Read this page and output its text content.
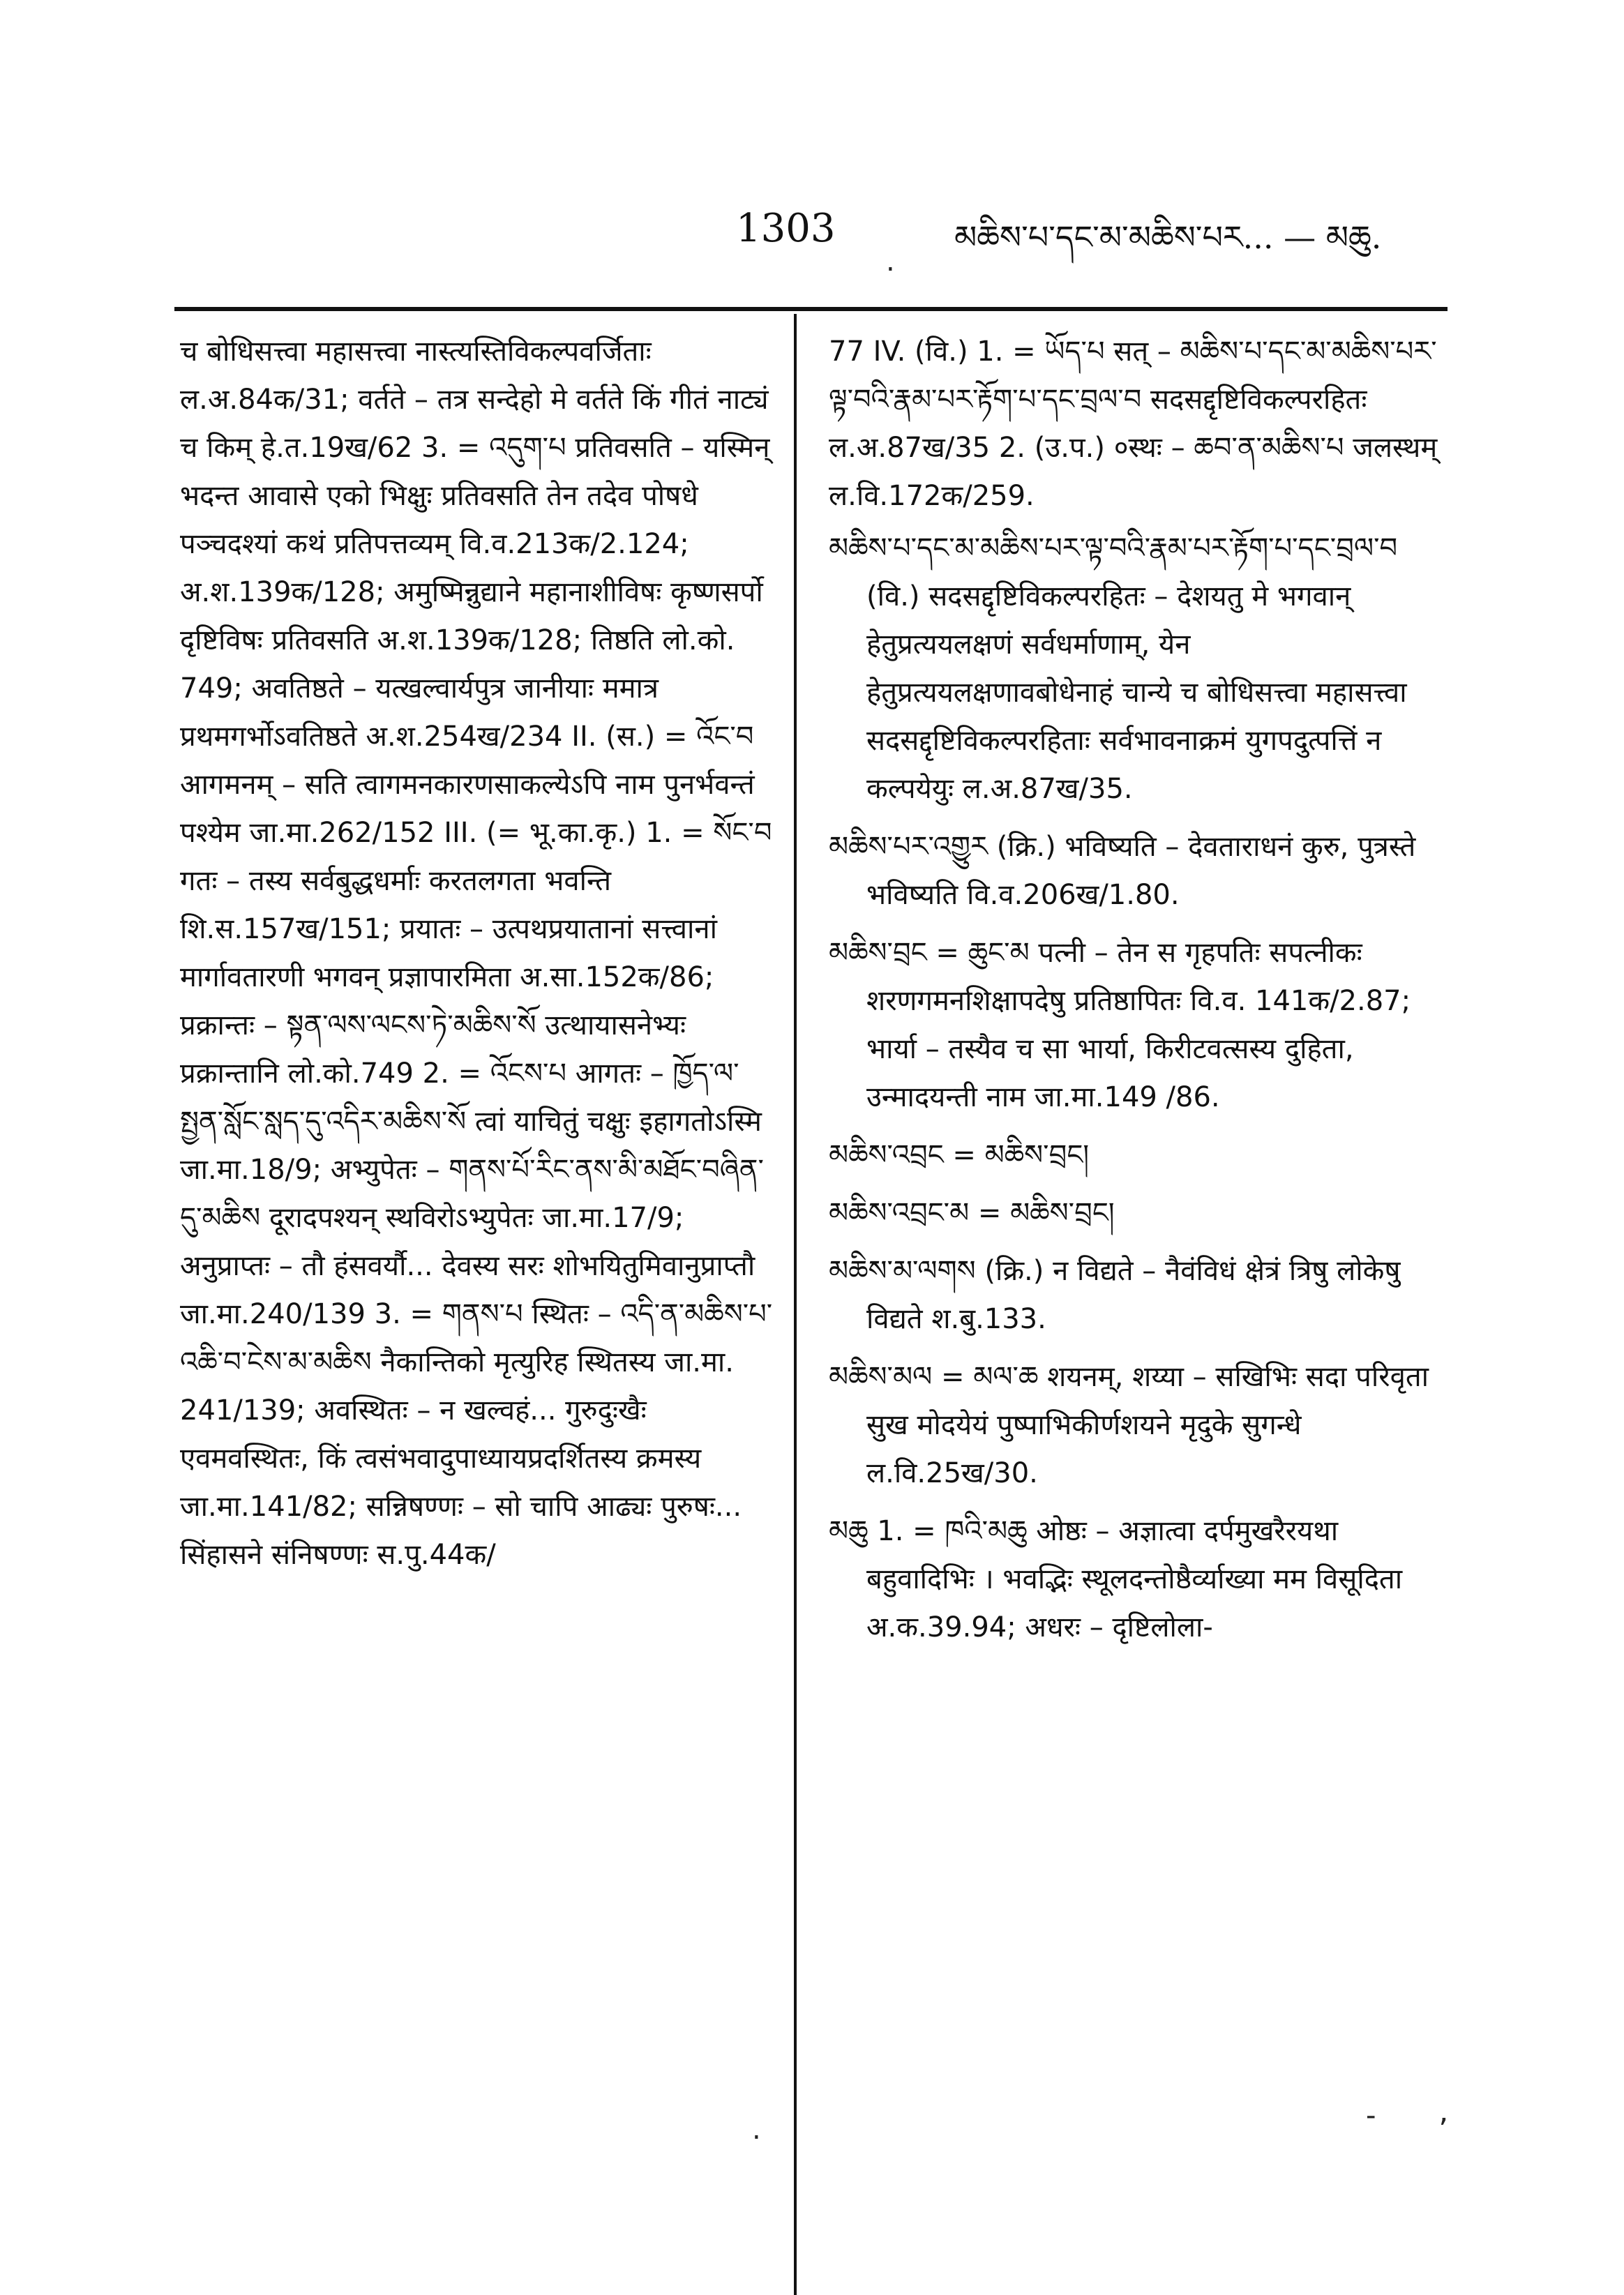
1303	མཆིས་པ་དང་མ་མཆིས་པར... — མཆུ.

च बोधिसत्त्वा महासत्त्वा नास्त्यस्तिविकल्पवर्जिताः ल.अ.84क/31; वर्तते – तत्र सन्देहो मे वर्तते किं गीतं नाट्यं च किम् हे.त.19ख/62 3. = འདུག་པ प्रतिवसति – यस्मिन् भदन्त आवासे एको भिक्षुः प्रतिवसति तेन तदेव पोषधे पञ्चदश्यां कथं प्रतिपत्तव्यम् वि.व.213क/2.124; अ.श.139क/128; अमुष्मिन्नुद्याने महानाशीविषः कृष्णसर्पो दृष्टिविषः प्रतिवसति अ.श.139क/128; तिष्ठति लो.को. 749; अवतिष्ठते – यत्खल्वार्यपुत्र जानीयाः ममात्र प्रथमगर्भोऽवतिष्ठते अ.श.254ख/234 II. (स.) = འོང་བ आगमनम् – सति त्वागमनकारणसाकल्येऽपि नाम पुनर्भवन्तं पश्येम जा.मा.262/152 III. (= भू.का.कृ.) 1. = སོང་བ गतः – तस्य सर्वबुद्धधर्माः करतलगता भवन्ति शि.स.157ख/151; प्रयातः – उत्पथप्रयातानां सत्त्वानां मार्गावतारणी भगवन् प्रज्ञापारमिता अ.सा.152क/86; प्रक्रान्तः – སྟན་ལས་ལངས་ཏེ་མཆིས་སོ उत्थायासनेभ्यः प्रक्रान्तानि लो.को.749 2. = འོངས་པ आगतः – ཁྱོད་ལ་སྤྱན་སློང་སླད་དུ་འདིར་མཆིས་སོ त्वां याचितुं चक्षुः इहागतोऽस्मि जा.मा.18/9; अभ्युपेतः – གནས་པོ་རིང་ནས་མི་མཐོང་བཞིན་དུ་མཆིས दूरादपश्यन् स्थविरोऽभ्युपेतः जा.मा.17/9; अनुप्राप्तः – तौ हंसवर्यौ... देवस्य सरः शोभयितुमिवानुप्राप्तौ जा.मा.240/139 3. = གནས་པ स्थितः – འདི་ན་མཆིས་པ་འཆི་བ་ངེས་མ་མཆིས नैकान्तिको मृत्युरिह स्थितस्य जा.मा. 241/139; अवस्थितः – न खल्वहं... गुरुदुःखैः एवमवस्थितः, किं त्वसंभवादुपाध्यायप्रदर्शितस्य क्रमस्य जा.मा.141/82; सन्निषण्णः – सो चापि आढ्यः पुरुषः... सिंहासने संनिषण्णः स.पु.44क/

77 IV. (वि.) 1. = ཡོད་པ सत् – མཆིས་པ་དང་མ་མཆིས་པར་ལྟ་བའི་རྣམ་པར་རྟོག་པ་དང་བྲལ་བ सदसद्दृष्टिविकल्परहितः ल.अ.87ख/35 2. (उ.प.) ०स्थः – ཆབ་ན་མཆིས་པ जलस्थम् ल.वि.172क/259.

མཆིས་པ་དང་མ་མཆིས་པར་ལྟ་བའི་རྣམ་པར་རྟོག་པ་དང་བྲལ་བ (वि.) सदसद्दृष्टिविकल्परहितः – देशयतु मे भगवान् हेतुप्रत्ययलक्षणं सर्वधर्माणाम्, येन हेतुप्रत्ययलक्षणावबोधेनाहं चान्ये च बोधिसत्त्वा महासत्त्वा सदसद्दृष्टिविकल्परहिताः सर्वभावनाक्रमं युगपदुत्पत्तिं न कल्पयेयुः ल.अ.87ख/35.

མཆིས་པར་འགྱུར (क्रि.) भविष्यति – देवताराधनं कुरु, पुत्रस्ते भविष्यति वि.व.206ख/1.80.

མཆིས་བྲང = ཆུང་མ पत्नी – तेन स गृहपतिः सपत्नीकः शरणगमनशिक्षापदेषु प्रतिष्ठापितः वि.व. 141क/2.87; भार्या – तस्यैव च सा भार्या, किरीटवत्सस्य दुहिता, उन्मादयन्ती नाम जा.मा.149 /86.

མཆིས་འབྲང = མཆིས་བྲང།

མཆིས་འབྲང་མ = མཆིས་བྲང།

མཆིས་མ་ལགས (क्रि.) न विद्यते – नैवंविधं क्षेत्रं त्रिषु लोकेषु विद्यते श.बु.133.

མཆིས་མལ = མལ་ཆ शयनम्, शय्या – सखिभिः सदा परिवृता सुख मोदयेयं पुष्पाभिकीर्णशयने मृदुके सुगन्धे ल.वि.25ख/30.

མཆུ 1. = ཁའི་མཆུ ओष्ठः – अज्ञात्वा दर्पमुखरैरयथा बहुवादिभिः । भवद्भिः स्थूलदन्तोष्ठैर्व्याख्या मम विसूदिता अ.क.39.94; अधरः – दृष्टिलोला-

.
.	- ʼ
